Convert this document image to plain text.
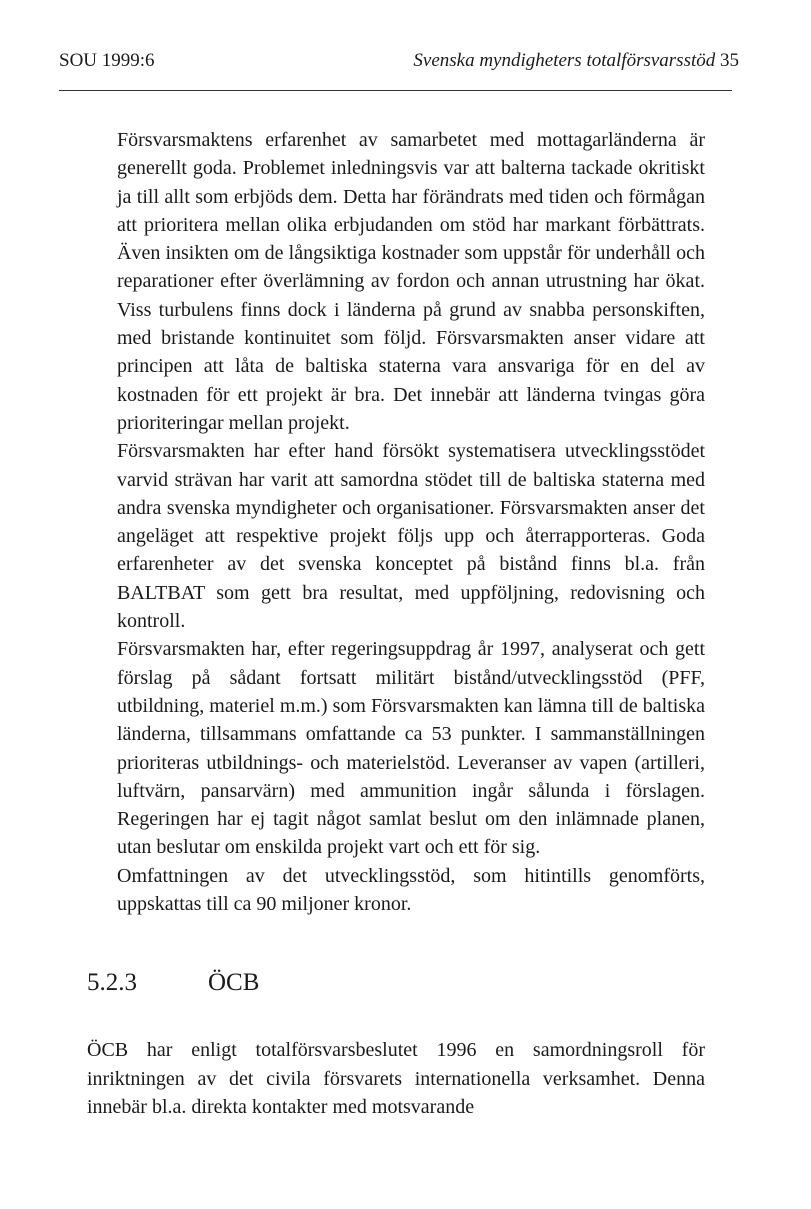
SOU 1999:6	Svenska myndigheters totalförsvarsstöd 35

Försvarsmaktens erfarenhet av samarbetet med mottagarländerna är generellt goda. Problemet inledningsvis var att balterna tackade okritiskt ja till allt som erbjöds dem. Detta har förändrats med tiden och förmågan att prioritera mellan olika erbjudanden om stöd har markant förbättrats. Även insikten om de långsiktiga kostnader som uppstår för underhåll och reparationer efter överlämning av fordon och annan utrustning har ökat. Viss turbulens finns dock i länderna på grund av snabba personskiften, med bristande kontinuitet som följd. Försvarsmakten anser vidare att principen att låta de baltiska staterna vara ansvariga för en del av kostnaden för ett projekt är bra. Det innebär att länderna tvingas göra prioriteringar mellan projekt.

Försvarsmakten har efter hand försökt systematisera utvecklingsstödet varvid strävan har varit att samordna stödet till de baltiska staterna med andra svenska myndigheter och organisationer. Försvarsmakten anser det angeläget att respektive projekt följs upp och återrapporteras. Goda erfarenheter av det svenska konceptet på bistånd finns bl.a. från BALTBAT som gett bra resultat, med uppföljning, redovisning och kontroll.

Försvarsmakten har, efter regeringsuppdrag år 1997, analyserat och gett förslag på sådant fortsatt militärt bistånd/utvecklingsstöd (PFF, utbildning, materiel m.m.) som Försvarsmakten kan lämna till de baltiska länderna, tillsammans omfattande ca 53 punkter. I sammanställningen prioriteras utbildnings- och materielstöd. Leveranser av vapen (artilleri, luftvärn, pansarvärn) med ammunition ingår sålunda i förslagen. Regeringen har ej tagit något samlat beslut om den inlämnade planen, utan beslutar om enskilda projekt vart och ett för sig.

Omfattningen av det utvecklingsstöd, som hitintills genomförts, uppskattas till ca 90 miljoner kronor.

5.2.3	ÖCB

ÖCB har enligt totalförsvarsbeslutet 1996 en samordningsroll för inriktningen av det civila försvarets internationella verksamhet. Denna innebär bl.a. direkta kontakter med motsvarande
